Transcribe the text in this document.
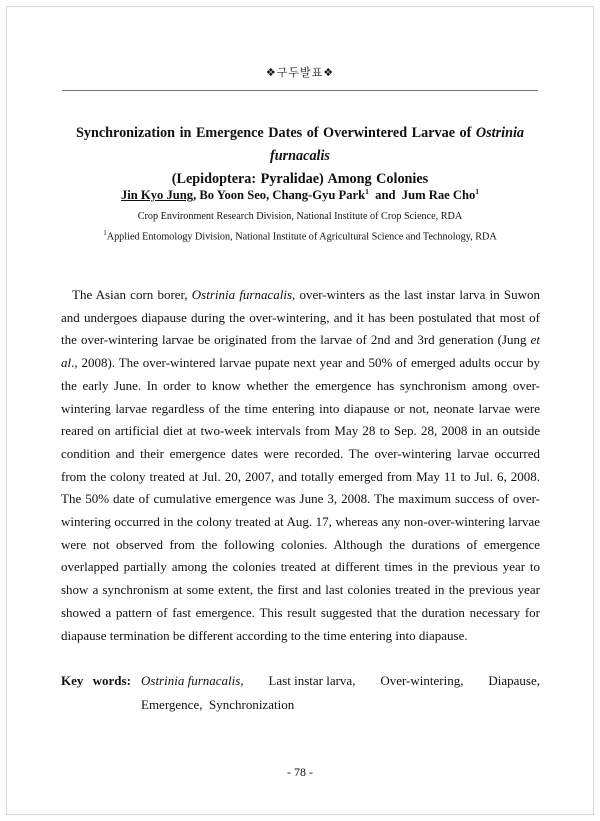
❖구두발표❖
Synchronization in Emergence Dates of Overwintered Larvae of Ostrinia furnacalis
(Lepidoptera: Pyralidae) Among Colonies
Jin Kyo Jung, Bo Yoon Seo, Chang-Gyu Park$^1$ and Jum Rae Cho$^1$
Crop Environment Research Division, National Institute of Crop Science, RDA
$^1$Applied Entomology Division, National Institute of Agricultural Science and Technology, RDA
The Asian corn borer, Ostrinia furnacalis, over-winters as the last instar larva in Suwon and undergoes diapause during the over-wintering, and it has been postulated that most of the over-wintering larvae be originated from the larvae of 2nd and 3rd generation (Jung et al., 2008). The over-wintered larvae pupate next year and 50% of emerged adults occur by the early June. In order to know whether the emergence has synchronism among over-wintering larvae regardless of the time entering into diapause or not, neonate larvae were reared on artificial diet at two-week intervals from May 28 to Sep. 28, 2008 in an outside condition and their emergence dates were recorded. The over-wintering larvae occurred from the colony treated at Jul. 20, 2007, and totally emerged from May 11 to Jul. 6, 2008. The 50% date of cumulative emergence was June 3, 2008. The maximum success of over-wintering occurred in the colony treated at Aug. 17, whereas any non-over-wintering larvae were not observed from the following colonies. Although the durations of emergence overlapped partially among the colonies treated at different times in the previous year to show a synchronism at some extent, the first and last colonies treated in the previous year showed a pattern of fast emergence. This result suggested that the duration necessary for diapause termination be different according to the time entering into diapause.
Key words: Ostrinia furnacalis, Last instar larva, Over-wintering, Diapause,
Emergence,  Synchronization
- 78 -
